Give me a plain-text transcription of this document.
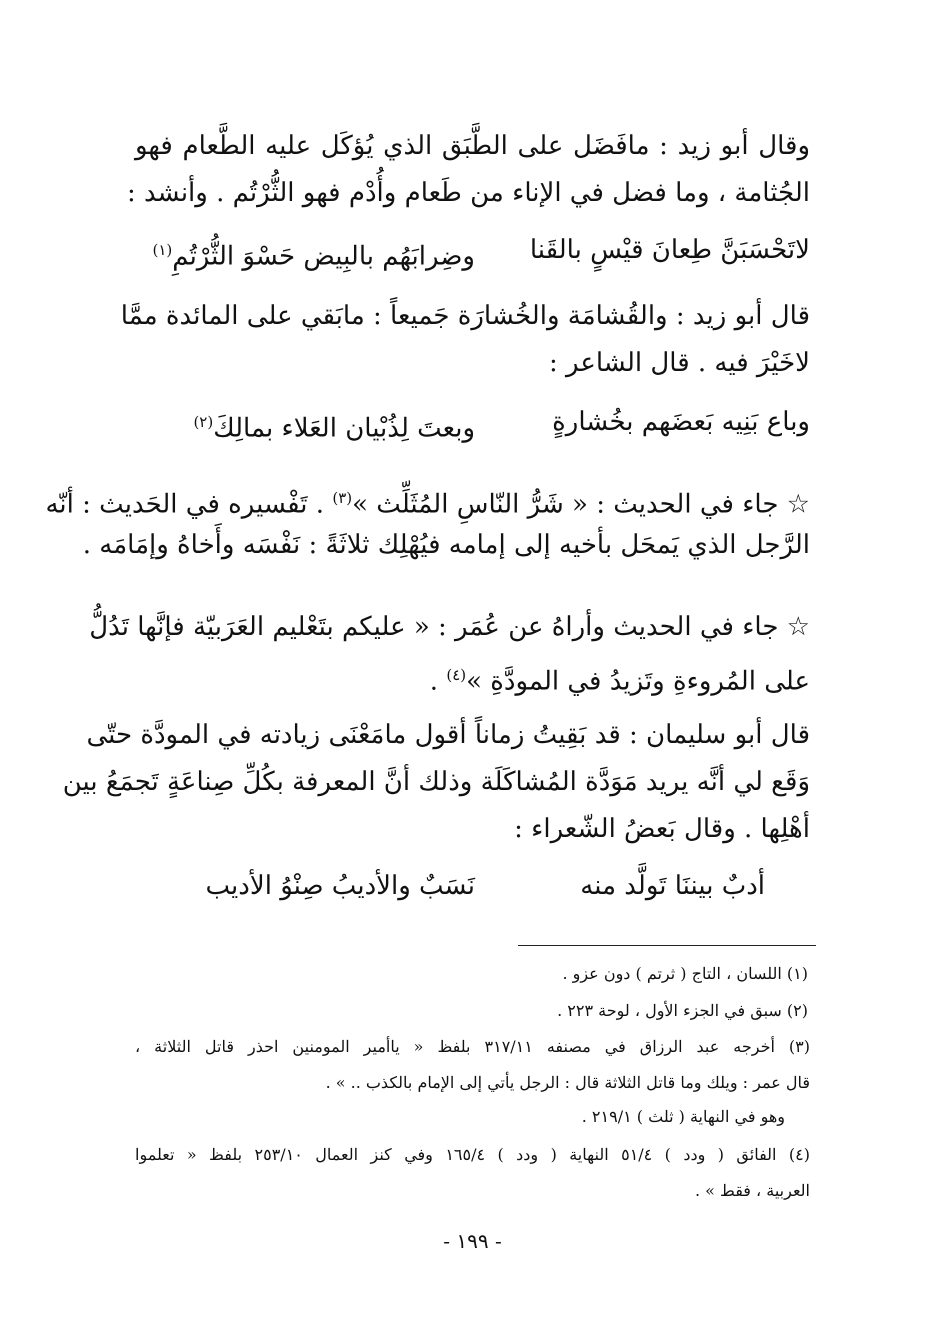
وقال أبو زيد : مافَضَل على الطَّبَق الذي يُؤكَل عليه الطَّعام فهو
الجُثامة ، وما فضل في الإناء من طَعام وأُدْم فهو الثُّرْتُم . وأنشد :
لاتَحْسَبَنَّ طِعانَ قيْسٍ بالقَنا
وضِرابَهُم بالبِيض حَسْوَ الثُّرْتُمِ$^{(١)}$
قال أبو زيد : والقُشامَة والخُشارَة جَميعاً : مابَقي على المائدة ممَّا
لاخَيْرَ فيه . قال الشاعر :
وباع بَنِيه بَعضَهم بخُشارةٍ
وبعتَ لِذُبْيان العَلاء بمالِكَ$^{(٢)}$
☆ جاء في الحديث : « شَرُّ النّاسِ المُثَلِّث »$^{(٣)}$ . تَفْسيره في الحَديث : أنّه
الرَّجل الذي يَمحَل بأخيه إلى إمامه فيُهْلِك ثلاثَةً : نَفْسَه وأَخاهُ وإمَامَه .
☆ جاء في الحديث وأراهُ عن عُمَر : « عليكم بتَعْليم العَرَبيّة فإنَّها تَدُلُّ
على المُروءةِ وتَزيدُ في المودَّةِ »$^{(٤)}$ .
قال أبو سليمان : قد بَقِيتُ زماناً أقول مامَعْنَى زيادته في المودَّة حتّى
وَقَع لي أنَّه يريد مَوَدَّة المُشاكَلَة وذلك أنَّ المعرفة بكُلِّ صِناعَةٍ تَجمَعُ بين
أهْلِها . وقال بَعضُ الشّعراء :
أدبٌ بيننَا تَولَّد منه
نَسَبٌ والأديبُ صِنْوُ الأديب
(١) اللسان ، التاج ( ثرتم ) دون عزو .
(٢) سبق في الجزء الأول ، لوحة ٢٢٣ .
(٣) أخرجه عبد الرزاق في مصنفه ٣١٧/١١ بلفظ « ياأمير المومنين احذر قاتل الثلاثة ،
قال عمر : ويلك وما قاتل الثلاثة قال : الرجل يأتي إلى الإمام بالكذب .. » .
وهو في النهاية ( ثلث ) ٢١٩/١ .
(٤) الفائق ( ودد ) ٥١/٤ النهاية ( ودد ) ١٦٥/٤ وفي كنز العمال ٢٥٣/١٠ بلفظ « تعلموا
العربية ، فقط » .
- ١٩٩ -
